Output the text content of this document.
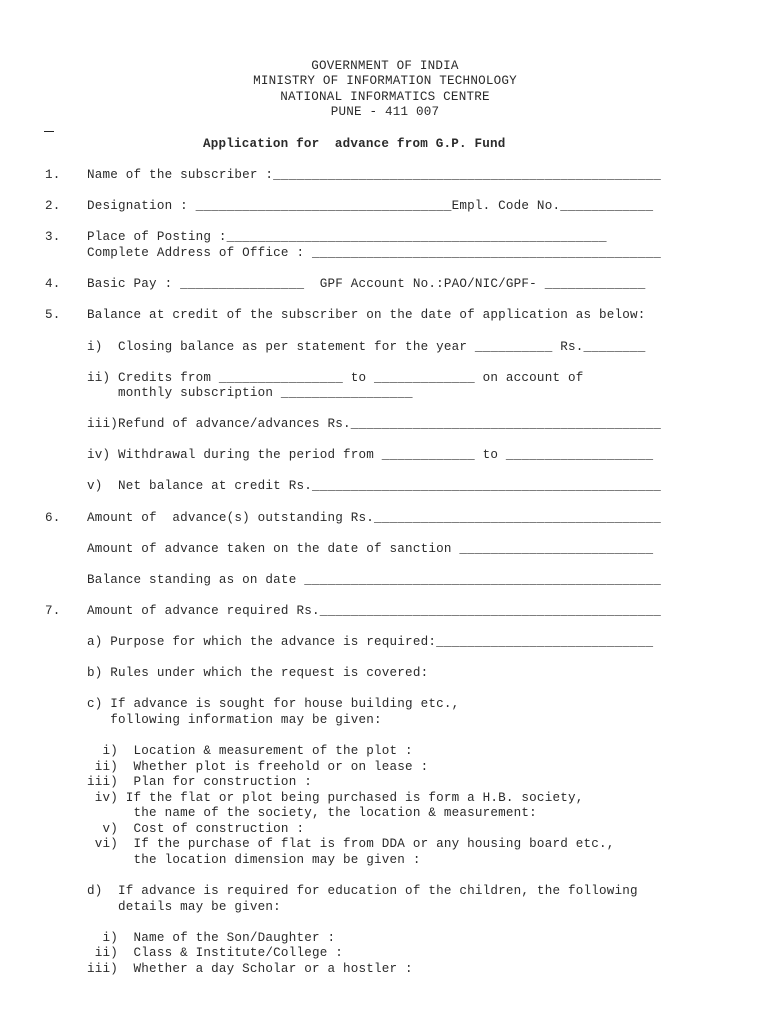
GOVERNMENT OF INDIA
MINISTRY OF INFORMATION TECHNOLOGY
NATIONAL INFORMATICS CENTRE
PUNE - 411 007
Application for  advance from G.P. Fund
1. Name of the subscriber :__________________________________________________
2. Designation : _________________________________Empl. Code No.____________
3. Place of Posting :_________________________________________________
Complete Address of Office : _____________________________________________
4. Basic Pay : ________________  GPF Account No.:PAO/NIC/GPF- _____________
5. Balance at credit of the subscriber on the date of application as below:
i)  Closing balance as per statement for the year __________ Rs.________
ii) Credits from ________________ to _____________ on account of
monthly subscription _________________
iii)Refund of advance/advances Rs.________________________________________
iv) Withdrawal during the period from ____________ to ___________________
v)  Net balance at credit Rs._____________________________________________
6. Amount of  advance(s) outstanding Rs._____________________________________
Amount of advance taken on the date of sanction _________________________
Balance standing as on date ______________________________________________
7. Amount of advance required Rs.____________________________________________
a) Purpose for which the advance is required:____________________________
b) Rules under which the request is covered:
c) If advance is sought for house building etc.,
following information may be given:
i)  Location & measurement of the plot :
ii)  Whether plot is freehold or on lease :
iii)  Plan for construction :
iv) If the flat or plot being purchased is form a H.B. society,
the name of the society, the location & measurement:
v)  Cost of construction :
vi)  If the purchase of flat is from DDA or any housing board etc.,
the location dimension may be given :
d)  If advance is required for education of the children, the following
details may be given:
i)  Name of the Son/Daughter :
ii)  Class & Institute/College :
iii)  Whether a day Scholar or a hostler :
